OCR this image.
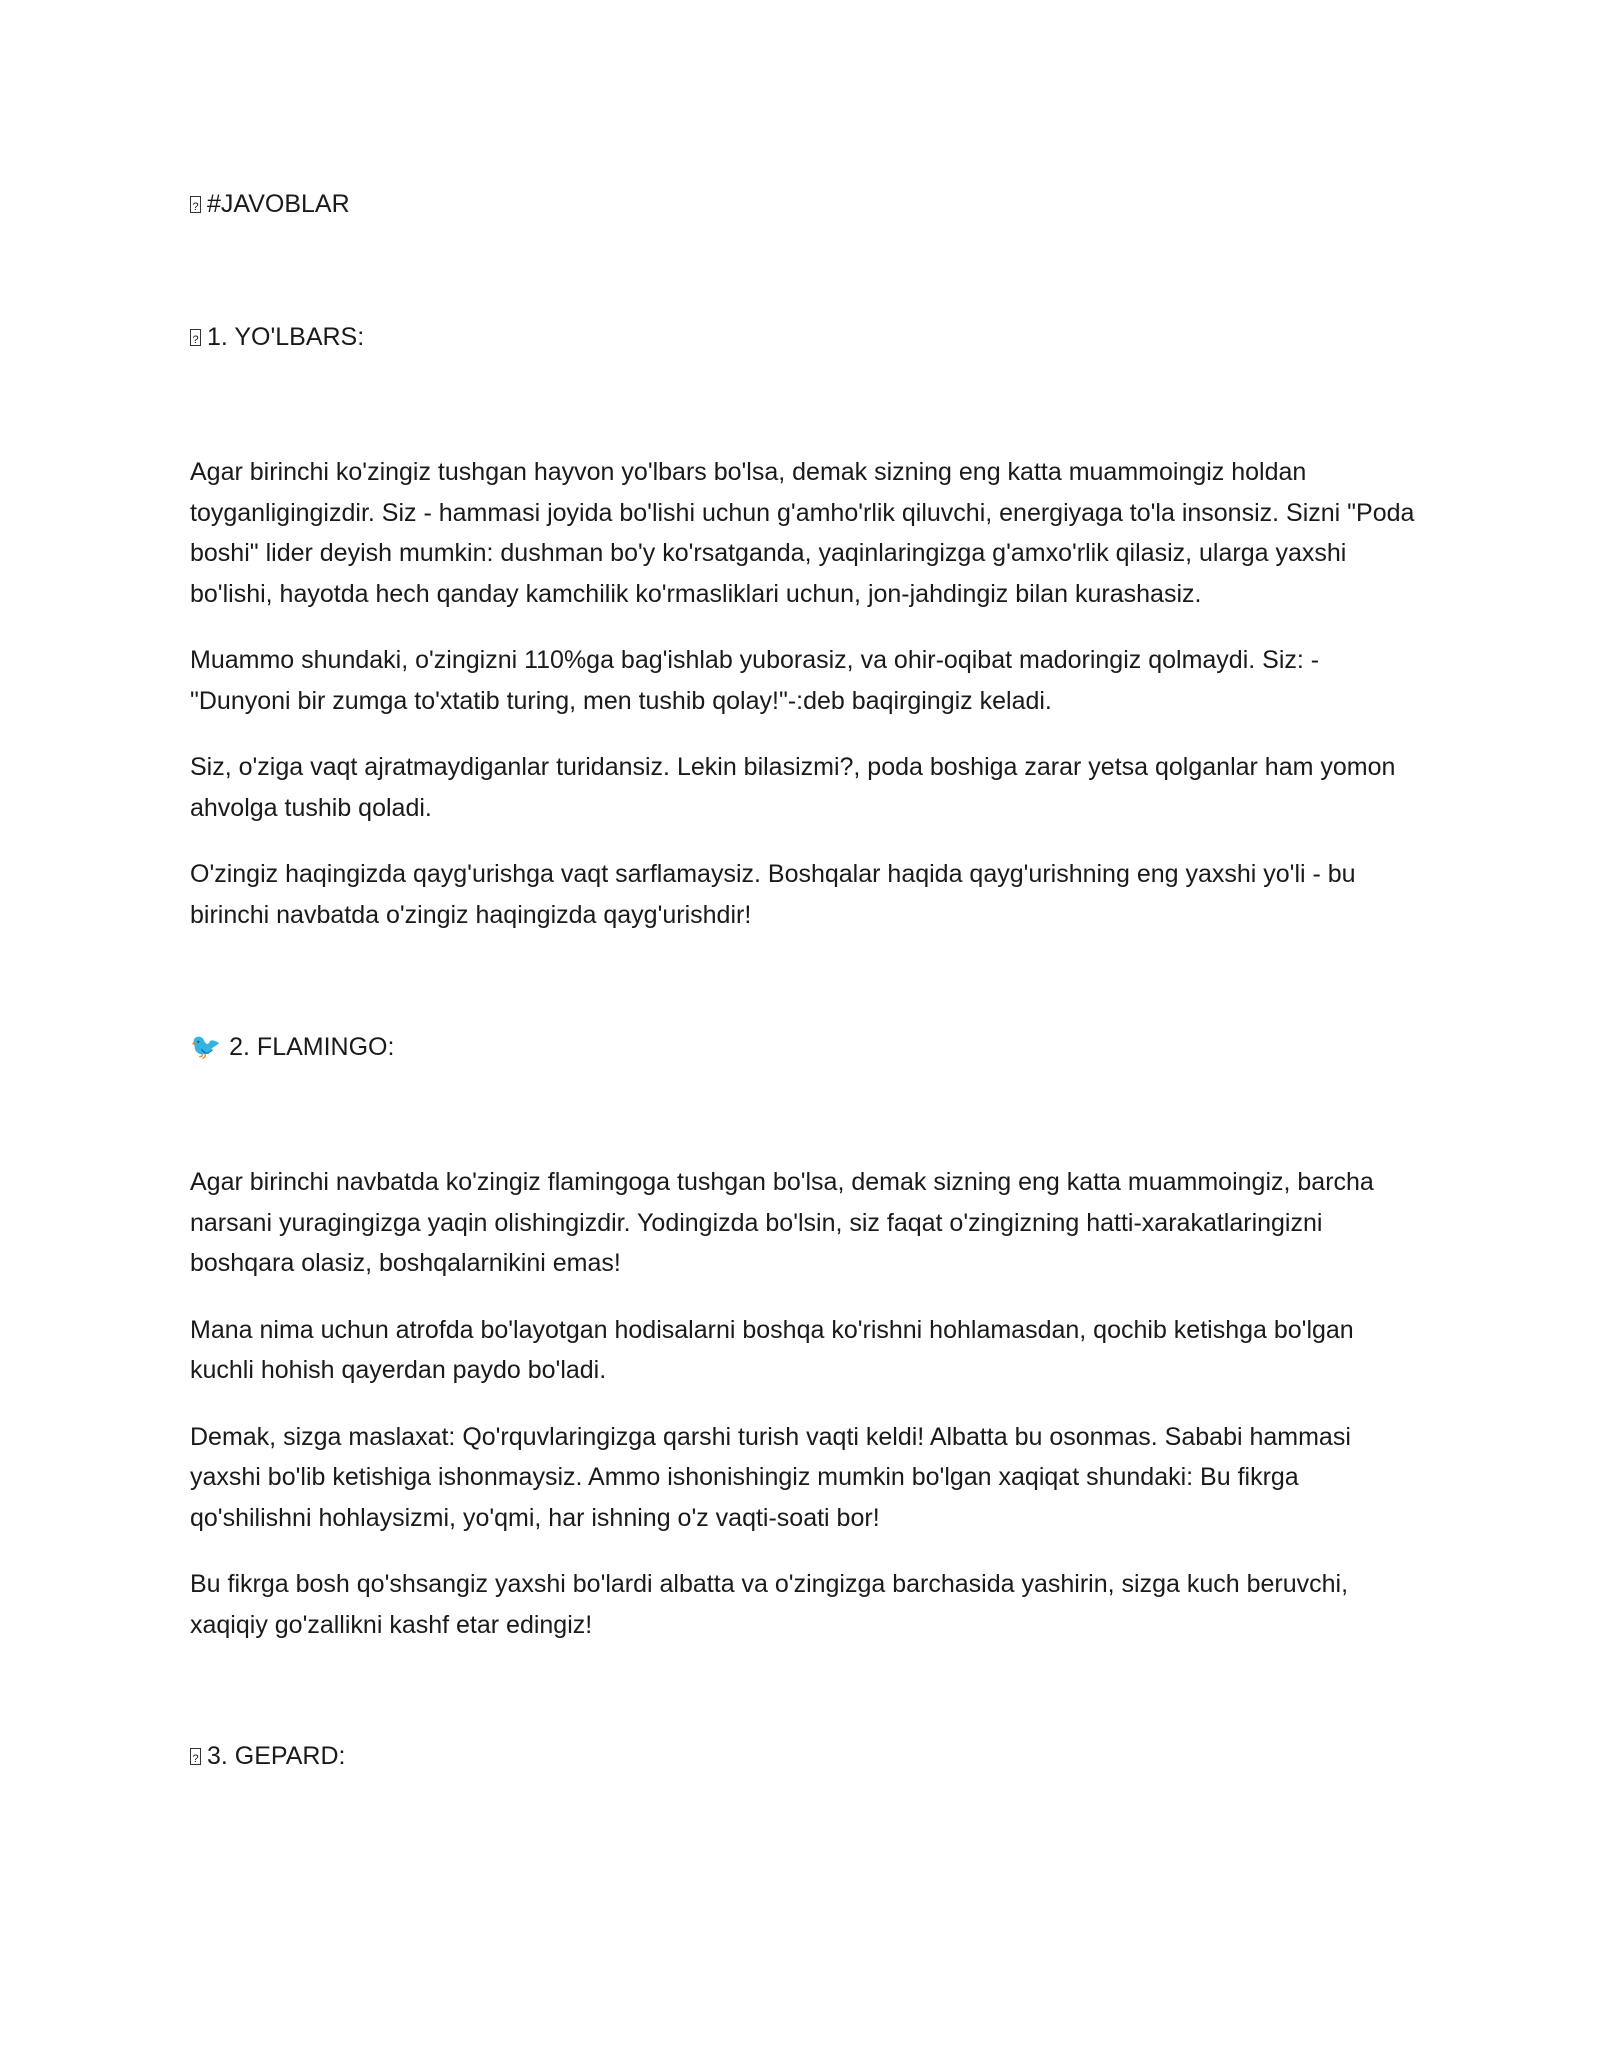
?#JAVOBLAR
?1. YO'LBARS:

Agar birinchi ko'zingiz tushgan hayvon yo'lbars bo'lsa, demak sizning eng katta muammoingiz holdan toyganligingizdir. Siz - hammasi joyida bo'lishi uchun g'amho'rlik qiluvchi, energiyaga to'la insonsiz. Sizni "Poda boshi" lider deyish mumkin: dushman bo'y ko'rsatganda, yaqinlaringizga g'amxo'rlik qilasiz, ularga yaxshi bo'lishi, hayotda hech qanday kamchilik ko'rmasliklari uchun, jon-jahdingiz bilan kurashasiz.

Muammo shundaki, o'zingizni 110%ga bag'ishlab yuborasiz, va ohir-oqibat madoringiz qolmaydi. Siz: - "Dunyoni bir zumga to'xtatib turing, men tushib qolay!"-:deb baqirgingiz keladi.

Siz, o'ziga vaqt ajratmaydiganlar turidansiz. Lekin bilasizmi?, poda boshiga zarar yetsa qolganlar ham yomon ahvolga tushib qoladi.

O'zingiz haqingizda qayg'urishga vaqt sarflamaysiz. Boshqalar haqida qayg'urishning eng yaxshi yo'li - bu birinchi navbatda o'zingiz haqingizda qayg'urishdir!

🐦 2. FLAMINGO:

Agar birinchi navbatda ko'zingiz flamingoga tushgan bo'lsa, demak sizning eng katta muammoingiz, barcha narsani yuragingizga yaqin olishingizdir. Yodingizda bo'lsin, siz faqat o'zingizning hatti-xarakatlaringizni boshqara olasiz, boshqalarnikini emas!

Mana nima uchun atrofda bo'layotgan hodisalarni boshqa ko'rishni hohlamasdan, qochib ketishga bo'lgan kuchli hohish qayerdan paydo bo'ladi.

Demak, sizga maslaxat: Qo'rquvlaringizga qarshi turish vaqti keldi! Albatta bu osonmas. Sababi hammasi yaxshi bo'lib ketishiga ishonmaysiz. Ammo ishonishingiz mumkin bo'lgan xaqiqat shundaki: Bu fikrga qo'shilishni hohlaysizmi, yo'qmi, har ishning o'z vaqti-soati bor!

Bu fikrga bosh qo'shsangiz yaxshi bo'lardi albatta va o'zingizga barchasida yashirin, sizga kuch beruvchi, xaqiqiy go'zallikni kashf etar edingiz!

?3. GEPARD:
